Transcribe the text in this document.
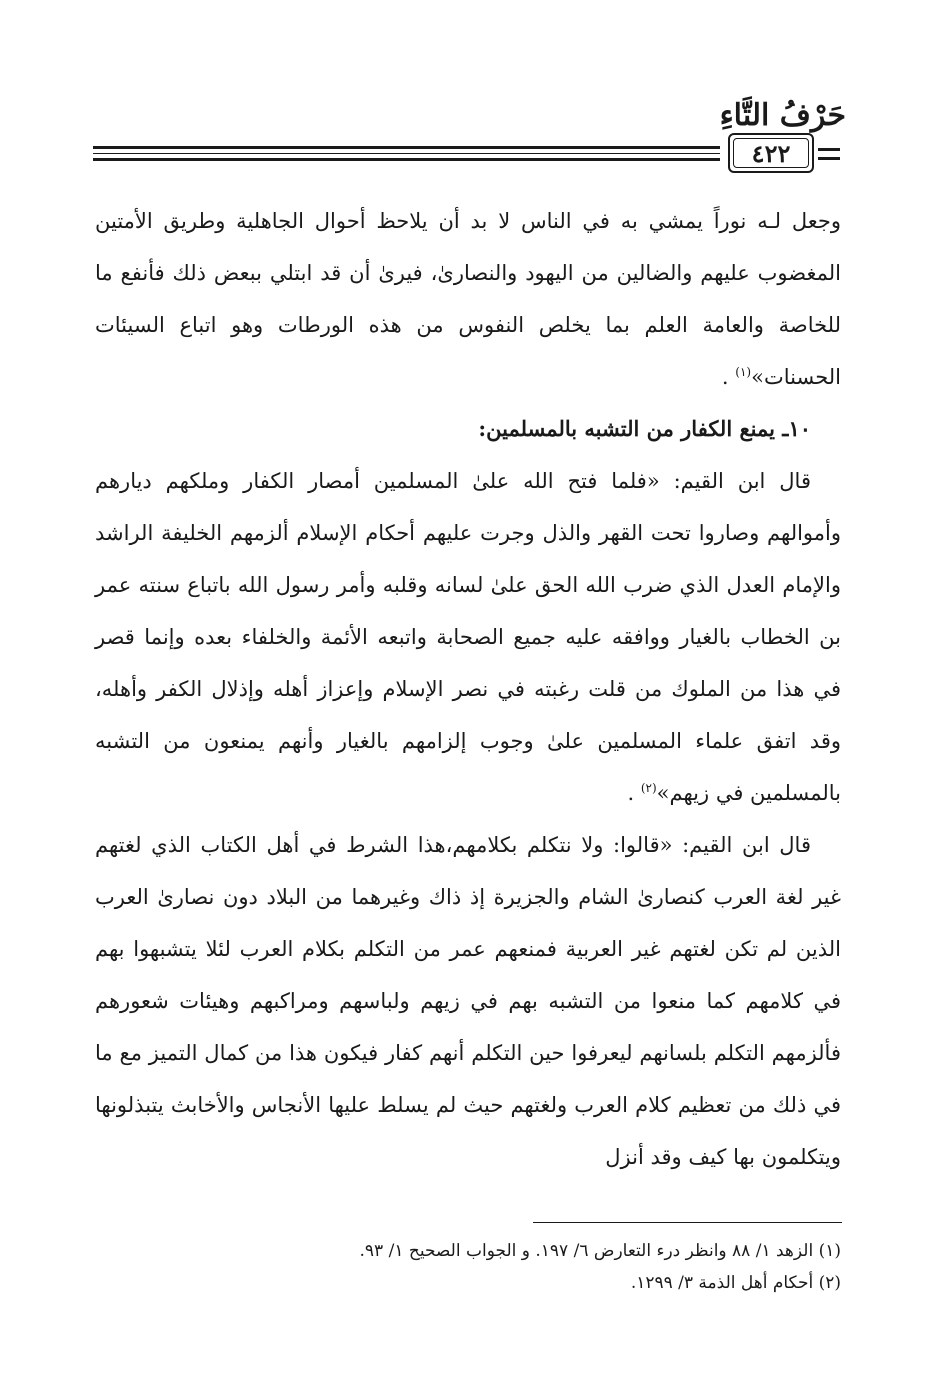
حَرْفُ التَّاءِ
٤٢٢

وجعل لـه نوراً يمشي به في الناس لا بد أن يلاحظ أحوال الجاهلية وطريق الأمتين المغضوب عليهم والضالين من اليهود والنصارىٰ، فيرىٰ أن قد ابتلي ببعض ذلك فأنفع ما للخاصة والعامة العلم بما يخلص النفوس من هذه الورطات وهو اتباع السيئات الحسنات»$^{(١)}$ .

١٠ـ يمنع الكفار من التشبه بالمسلمين:

قال ابن القيم: «فلما فتح الله علىٰ المسلمين أمصار الكفار وملكهم ديارهم وأموالهم وصاروا تحت القهر والذل وجرت عليهم أحكام الإسلام ألزمهم الخليفة الراشد والإمام العدل الذي ضرب الله الحق علىٰ لسانه وقلبه وأمر رسول الله باتباع سنته عمر بن الخطاب بالغيار ووافقه عليه جميع الصحابة واتبعه الأئمة والخلفاء بعده وإنما قصر في هذا من الملوك من قلت رغبته في نصر الإسلام وإعزاز أهله وإذلال الكفر وأهله، وقد اتفق علماء المسلمين علىٰ وجوب إلزامهم بالغيار وأنهم يمنعون من التشبه بالمسلمين في زيهم»$^{(٢)}$ .

قال ابن القيم: «قالوا: ولا نتكلم بكلامهم،هذا الشرط في أهل الكتاب الذي لغتهم غير لغة العرب كنصارىٰ الشام والجزيرة إذ ذاك وغيرهما من البلاد دون نصارىٰ العرب الذين لم تكن لغتهم غير العربية فمنعهم عمر من التكلم بكلام العرب لئلا يتشبهوا بهم في كلامهم كما منعوا من التشبه بهم في زيهم ولباسهم ومراكبهم وهيئات شعورهم فألزمهم التكلم بلسانهم ليعرفوا حين التكلم أنهم كفار فيكون هذا من كمال التميز مع ما في ذلك من تعظيم كلام العرب ولغتهم حيث لم يسلط عليها الأنجاس والأخابث يتبذلونها ويتكلمون بها كيف وقد أنزل

(١) الزهد ١/ ٨٨ وانظر درء التعارض ٦/ ١٩٧. و الجواب الصحيح ١/ ٩٣.

(٢) أحكام أهل الذمة ٣/ ١٢٩٩.
